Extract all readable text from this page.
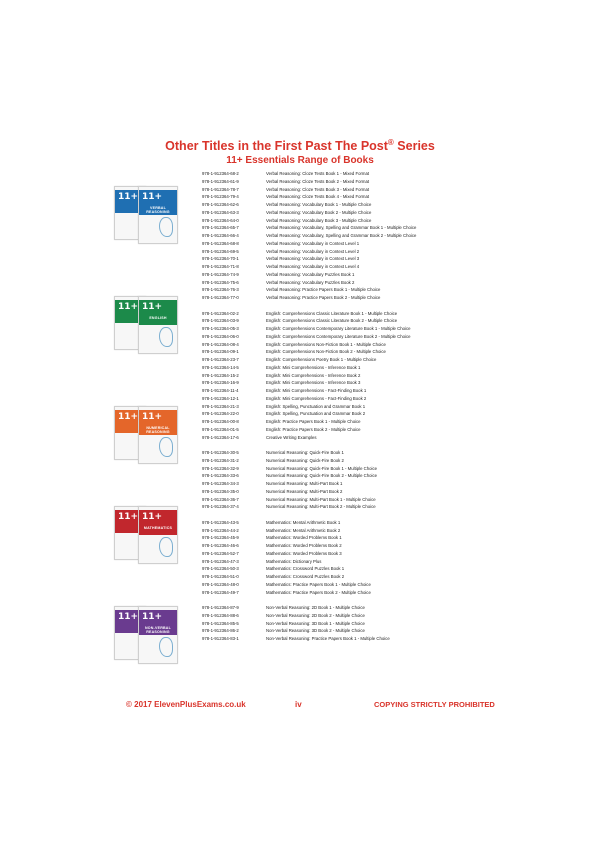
Other Titles in the First Past The Post® Series
11+ Essentials Range of Books
978-1-912364-68-2	Verbal Reasoning: Cloze Tests Book 1 - Mixed Format
978-1-912364-61-9	Verbal Reasoning: Cloze Tests Book 2 - Mixed Format
978-1-912364-78-7	Verbal Reasoning: Cloze Tests Book 3 - Mixed Format
978-1-912364-79-4	Verbal Reasoning: Cloze Tests Book 4 - Mixed Format
978-1-912364-62-6	Verbal Reasoning: Vocabulary Book 1 - Multiple Choice
978-1-912364-63-3	Verbal Reasoning: Vocabulary Book 2 - Multiple Choice
978-1-912364-64-0	Verbal Reasoning: Vocabulary Book 3 - Multiple Choice
978-1-912364-65-7	Verbal Reasoning: Vocabulary, Spelling and Grammar Book 1 - Multiple Choice
978-1-912364-66-4	Verbal Reasoning: Vocabulary, Spelling and Grammar Book 2 - Multiple Choice
978-1-912364-68-8	Verbal Reasoning: Vocabulary in Context Level 1
978-1-912364-69-5	Verbal Reasoning: Vocabulary in Context Level 2
978-1-912364-70-1	Verbal Reasoning: Vocabulary in Context Level 3
978-1-912364-71-8	Verbal Reasoning: Vocabulary in Context Level 4
978-1-912364-74-9	Verbal Reasoning: Vocabulary Puzzles Book 1
978-1-912364-75-6	Verbal Reasoning: Vocabulary Puzzles Book 2
978-1-912364-76-3	Verbal Reasoning: Practice Papers Book 1 - Multiple Choice
978-1-912364-77-0	Verbal Reasoning: Practice Papers Book 2 - Multiple Choice
978-1-912364-02-2	English: Comprehensions Classic Literature Book 1 - Multiple Choice
978-1-912364-03-9	English: Comprehensions Classic Literature Book 2 - Multiple Choice
978-1-912364-05-3	English: Comprehensions Contemporary Literature Book 1 - Multiple Choice
978-1-912364-06-0	English: Comprehensions Contemporary Literature Book 2 - Multiple Choice
978-1-912364-08-4	English: Comprehensions Non-Fiction Book 1 - Multiple Choice
978-1-912364-09-1	English: Comprehensions Non-Fiction Book 2 - Multiple Choice
978-1-912364-23-7	English: Comprehensions Poetry Book 1 - Multiple Choice
978-1-912364-14-5	English: Mini Comprehensions - Inference Book 1
978-1-912364-15-2	English: Mini Comprehensions - Inference Book 2
978-1-912364-16-9	English: Mini Comprehensions - Inference Book 3
978-1-912364-11-4	English: Mini Comprehensions - Fact-Finding Book 1
978-1-912364-12-1	English: Mini Comprehensions - Fact-Finding Book 2
978-1-912364-21-3	English: Spelling, Punctuation and Grammar Book 1
978-1-912364-22-0	English: Spelling, Punctuation and Grammar Book 2
978-1-912364-00-8	English: Practice Papers Book 1 - Multiple Choice
978-1-912364-01-5	English: Practice Papers Book 2 - Multiple Choice
978-1-912364-17-6	Creative Writing Examples
978-1-912364-30-5	Numerical Reasoning: Quick-Fire Book 1
978-1-912364-31-2	Numerical Reasoning: Quick-Fire Book 2
978-1-912364-32-9	Numerical Reasoning: Quick-Fire Book 1 - Multiple Choice
978-1-912364-33-6	Numerical Reasoning: Quick-Fire Book 2 - Multiple Choice
978-1-912364-34-3	Numerical Reasoning: Multi-Part Book 1
978-1-912364-35-0	Numerical Reasoning: Multi-Part Book 2
978-1-912364-36-7	Numerical Reasoning: Multi-Part Book 1 - Multiple Choice
978-1-912364-37-4	Numerical Reasoning: Multi-Part Book 2 - Multiple Choice
978-1-912364-43-5	Mathematics: Mental Arithmetic Book 1
978-1-912364-44-2	Mathematics: Mental Arithmetic Book 2
978-1-912364-45-9	Mathematics: Worded Problems Book 1
978-1-912364-46-6	Mathematics: Worded Problems Book 2
978-1-912364-52-7	Mathematics: Worded Problems Book 3
978-1-912364-47-3	Mathematics: Dictionary Plus
978-1-912364-50-3	Mathematics: Crossword Puzzles Book 1
978-1-912364-51-0	Mathematics: Crossword Puzzles Book 2
978-1-912364-48-0	Mathematics: Practice Papers Book 1 - Multiple Choice
978-1-912364-49-7	Mathematics: Practice Papers Book 2 - Multiple Choice
978-1-912364-87-9	Non-Verbal Reasoning: 2D Book 1 - Multiple Choice
978-1-912364-88-6	Non-Verbal Reasoning: 2D Book 2 - Multiple Choice
978-1-912364-85-5	Non-Verbal Reasoning: 3D Book 1 - Multiple Choice
978-1-912364-86-2	Non-Verbal Reasoning: 3D Book 2 - Multiple Choice
978-1-912364-83-1	Non-Verbal Reasoning: Practice Papers Book 1 - Multiple Choice
11+ 11+
VERBAL REASONING
11+ 11+
ENGLISH
11+ 11+
NUMERICAL REASONING
11+ 11+
MATHEMATICS
11+ 11+
NON-VERBAL REASONING
© 2017 ElevenPlusExams.co.uk	iv	COPYING STRICTLY PROHIBITED
